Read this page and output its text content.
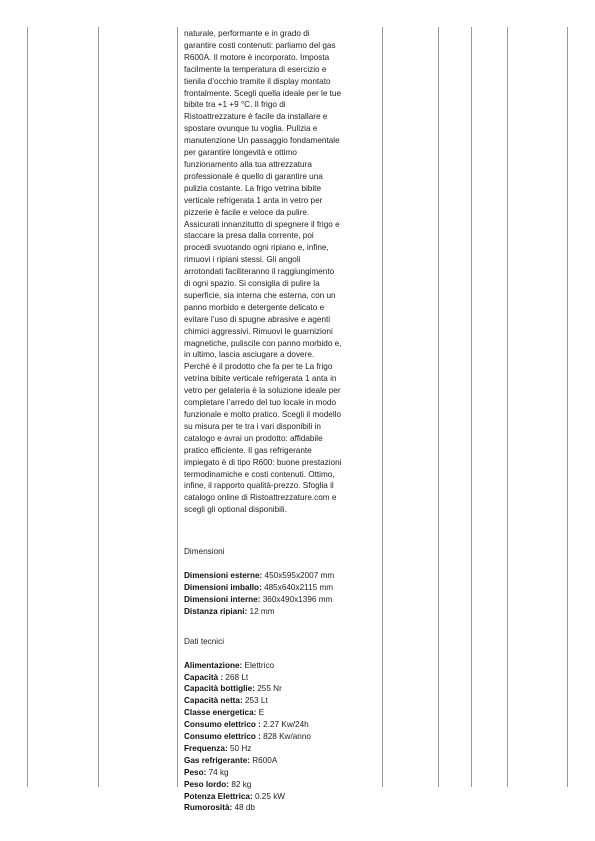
naturale, performante e in grado di

garantire costi contenuti: parliamo del gas

R600A. Il motore è incorporato. Imposta

facilmente la temperatura di esercizio e

tienila d’occhio tramite il display montato

frontalmente. Scegli quella ideale per le tue

bibite tra +1 +9 °C. Il frigo di

Ristoattrezzature è facile da installare e

spostare ovunque tu voglia. Pulizia e

manutenzione Un passaggio fondamentale

per garantire longevità e ottimo

funzionamento alla tua attrezzatura

professionale è quello di garantire una

pulizia costante. La frigo vetrina bibite

verticale refrigerata 1 anta in vetro per

pizzerie è facile e veloce da pulire.

Assicurati innanzitutto di spegnere il frigo e

staccare la presa dalla corrente, poi

procedi svuotando ogni ripiano e, infine,

rimuovi i ripiani stessi. Gli angoli

arrotondati faciliteranno il raggiungimento

di ogni spazio. Si consiglia di pulire la

superficie, sia interna che esterna, con un

panno morbido e detergente delicato e

evitare l’uso di spugne abrasive e agenti

chimici aggressivi. Rimuovi le guarnizioni

magnetiche, puliscile con panno morbido e,

in ultimo, lascia asciugare a dovere.

Perché è il prodotto che fa per te La frigo

vetrina bibite verticale refrigerata 1 anta in

vetro per gelateria è la soluzione ideale per

completare l’arredo del tuo locale in modo

funzionale e molto pratico. Scegli il modello

su misura per te tra i vari disponibili in

catalogo e avrai un prodotto: affidabile

pratico efficiente. Il gas refrigerante

impiegato è di tipo R600: buone prestazioni

termodinamiche e costi contenuti. Ottimo,

infine, il rapporto qualità-prezzo. Sfoglia il

catalogo online di Ristoattrezzature.com e

scegli gli optional disponibili.

Dimensioni
Dimensioni esterne: 450x595x2007 mm
Dimensioni imballo: 485x640x2115 mm
Dimensioni interne: 360x490x1396 mm
Distanza ripiani: 12 mm
Dati tecnici
Alimentazione: Elettrico
Capacità : 268 Lt
Capacità bottiglie: 255 Nr
Capacità netta: 253 Lt
Classe energetica: E
Consumo elettrico : 2.27 Kw/24h
Consumo elettrico : 828 Kw/anno
Frequenza: 50 Hz
Gas refrigerante: R600A
Peso: 74 kg
Peso lordo: 82 kg
Potenza Elettrica: 0.25 kW
Rumorosità: 48 db
